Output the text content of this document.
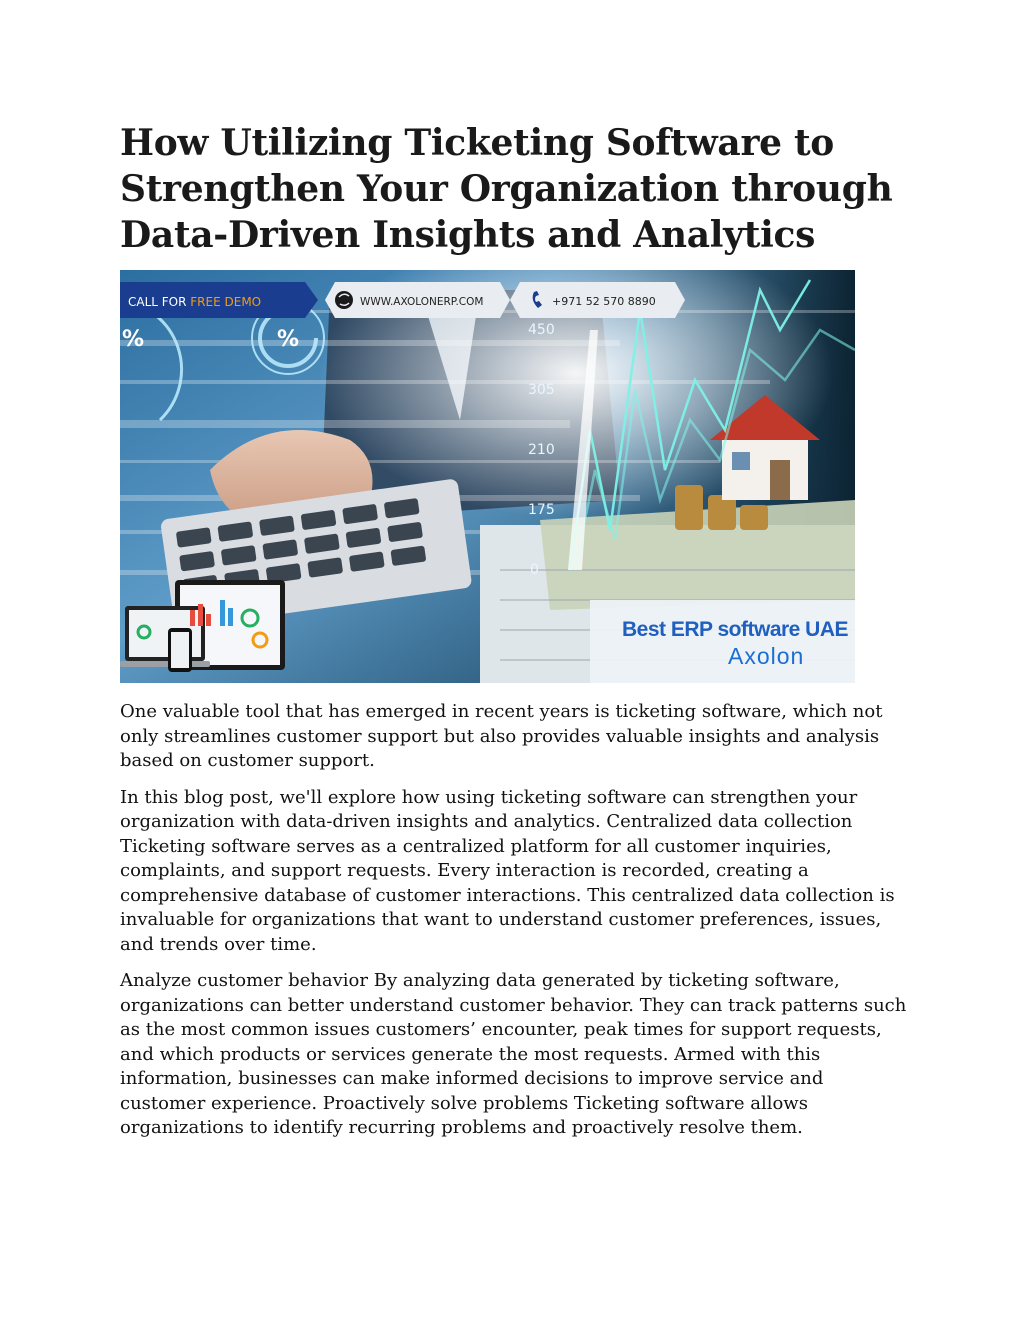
How Utilizing Ticketing Software to Strengthen Your Organization through Data-Driven Insights and Analytics
%
%	450
305
210
175
0
Best ERP software UAE
Axolon
CALL FOR FREE DEMO	WWW.AXOLONERP.COM	+971 52 570 8890

One valuable tool that has emerged in recent years is ticketing software, which not only streamlines customer support but also provides valuable insights and analysis based on customer support.

In this blog post, we'll explore how using ticketing software can strengthen your organization with data-driven insights and analytics. Centralized data collection Ticketing software serves as a centralized platform for all customer inquiries, complaints, and support requests. Every interaction is recorded, creating a comprehensive database of customer interactions. This centralized data collection is invaluable for organizations that want to understand customer preferences, issues, and trends over time.

Analyze customer behavior By analyzing data generated by ticketing software, organizations can better understand customer behavior. They can track patterns such as the most common issues customers’ encounter, peak times for support requests, and which products or services generate the most requests. Armed with this information, businesses can make informed decisions to improve service and customer experience. Proactively solve problems Ticketing software allows organizations to identify recurring problems and proactively resolve them.
